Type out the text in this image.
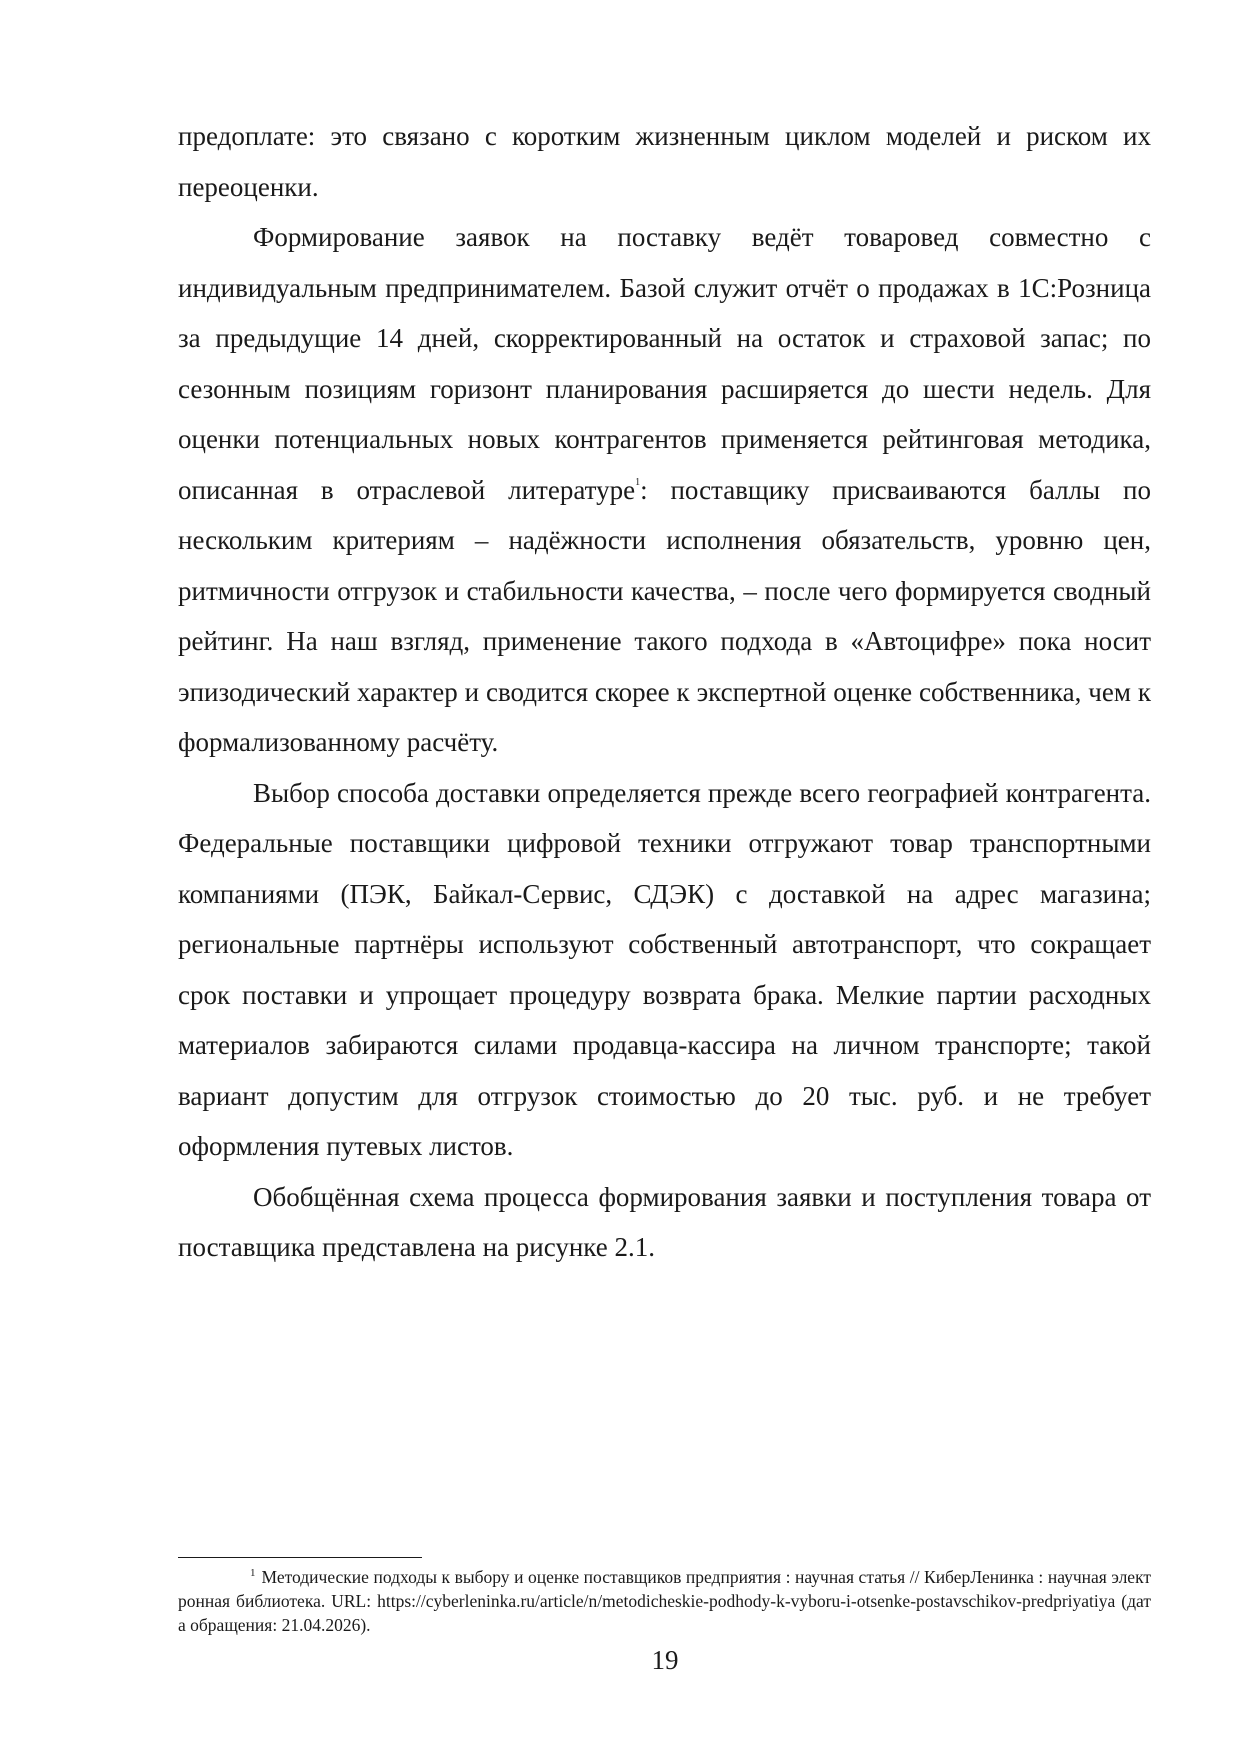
предоплате: это связано с коротким жизненным циклом моделей и риском их переоценки.

Формирование заявок на поставку ведёт товаровед совместно с индивидуальным предпринимателем. Базой служит отчёт о продажах в 1С:Розница за предыдущие 14 дней, скорректированный на остаток и страховой запас; по сезонным позициям горизонт планирования расширяется до шести недель. Для оценки потенциальных новых контрагентов применяется рейтинговая методика, описанная в отраслевой литературе$^1$: поставщику присваиваются баллы по нескольким критериям – надёжности исполнения обязательств, уровню цен, ритмичности отгрузок и стабильности качества, – после чего формируется сводный рейтинг. На наш взгляд, применение такого подхода в «Автоцифре» пока носит эпизодический характер и сводится скорее к экспертной оценке собственника, чем к формализованному расчёту.

Выбор способа доставки определяется прежде всего географией контрагента. Федеральные поставщики цифровой техники отгружают товар транспортными компаниями (ПЭК, Байкал-Сервис, СДЭК) с доставкой на адрес магазина; региональные партнёры используют собственный автотранспорт, что сокращает срок поставки и упрощает процедуру возврата брака. Мелкие партии расходных материалов забираются силами продавца-кассира на личном транспорте; такой вариант допустим для отгрузок стоимостью до 20 тыс. руб. и не требует оформления путевых листов.

Обобщённая схема процесса формирования заявки и поступления товара от поставщика представлена на рисунке 2.1.

$^1$ Методические подходы к выбору и оценке поставщиков предприятия : научная статья // КиберЛенинка : научная электронная библиотека. URL: https://cyberleninka.ru/article/n/metodicheskie-podhody-k-vyboru-i-otsenke-postavschikov-predpriyatiya (дата обращения: 21.04.2026).

19
